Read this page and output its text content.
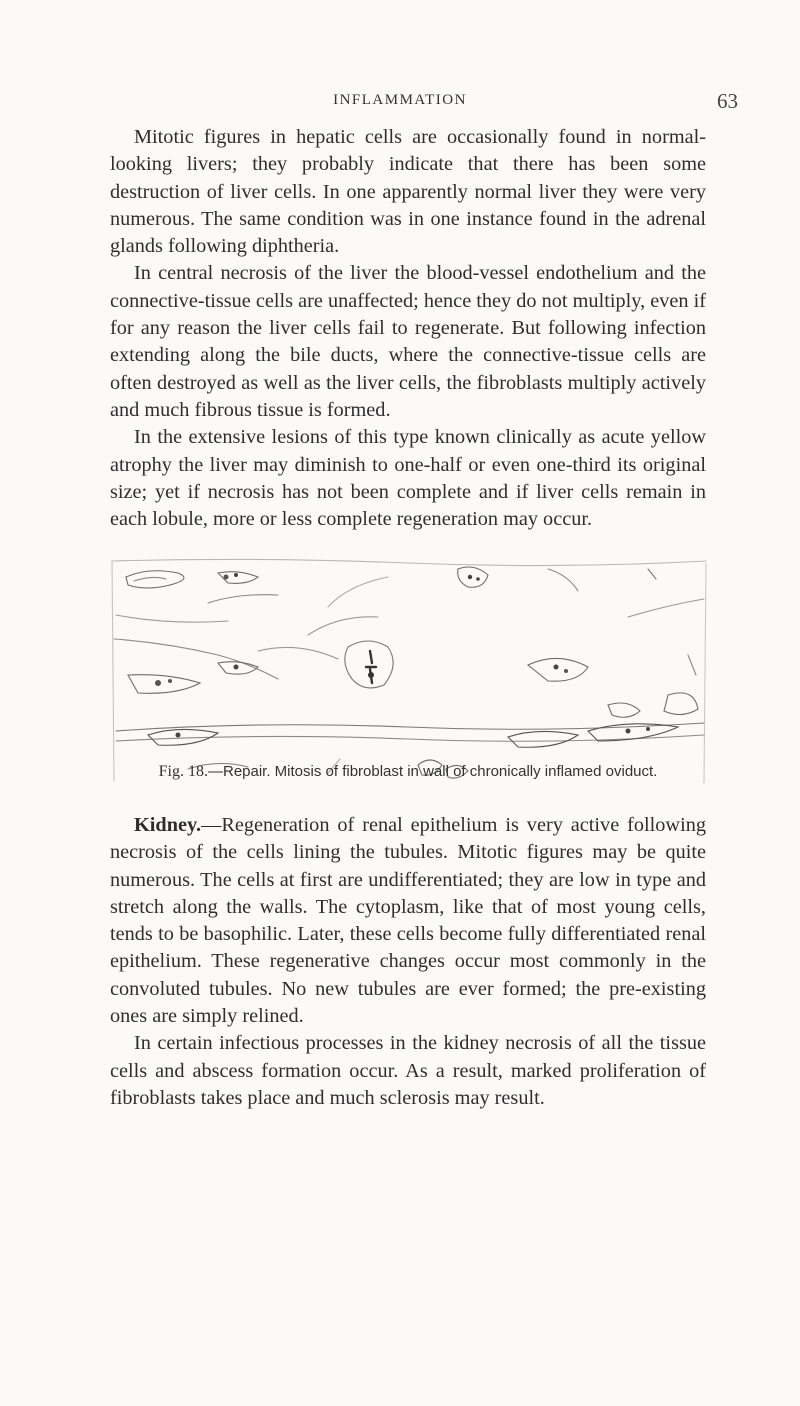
INFLAMMATION	63

Mitotic figures in hepatic cells are occasionally found in normal-looking livers; they probably indicate that there has been some destruction of liver cells. In one apparently normal liver they were very numerous. The same condition was in one instance found in the adrenal glands following diphtheria.

In central necrosis of the liver the blood-vessel endothelium and the connective-tissue cells are unaffected; hence they do not multiply, even if for any reason the liver cells fail to regenerate. But following infection extending along the bile ducts, where the connective-tissue cells are often destroyed as well as the liver cells, the fibroblasts multiply actively and much fibrous tissue is formed.

In the extensive lesions of this type known clinically as acute yellow atrophy the liver may diminish to one-half or even one-third its original size; yet if necrosis has not been complete and if liver cells remain in each lobule, more or less complete regeneration may occur.

Fig. 18.—Repair. Mitosis of fibroblast in wall of chronically inflamed oviduct.

Kidney.—Regeneration of renal epithelium is very active following necrosis of the cells lining the tubules. Mitotic figures may be quite numerous. The cells at first are undifferentiated; they are low in type and stretch along the walls. The cytoplasm, like that of most young cells, tends to be basophilic. Later, these cells become fully differentiated renal epithelium. These regenerative changes occur most commonly in the convoluted tubules. No new tubules are ever formed; the pre-existing ones are simply relined.

In certain infectious processes in the kidney necrosis of all the tissue cells and abscess formation occur. As a result, marked proliferation of fibroblasts takes place and much sclerosis may result.
